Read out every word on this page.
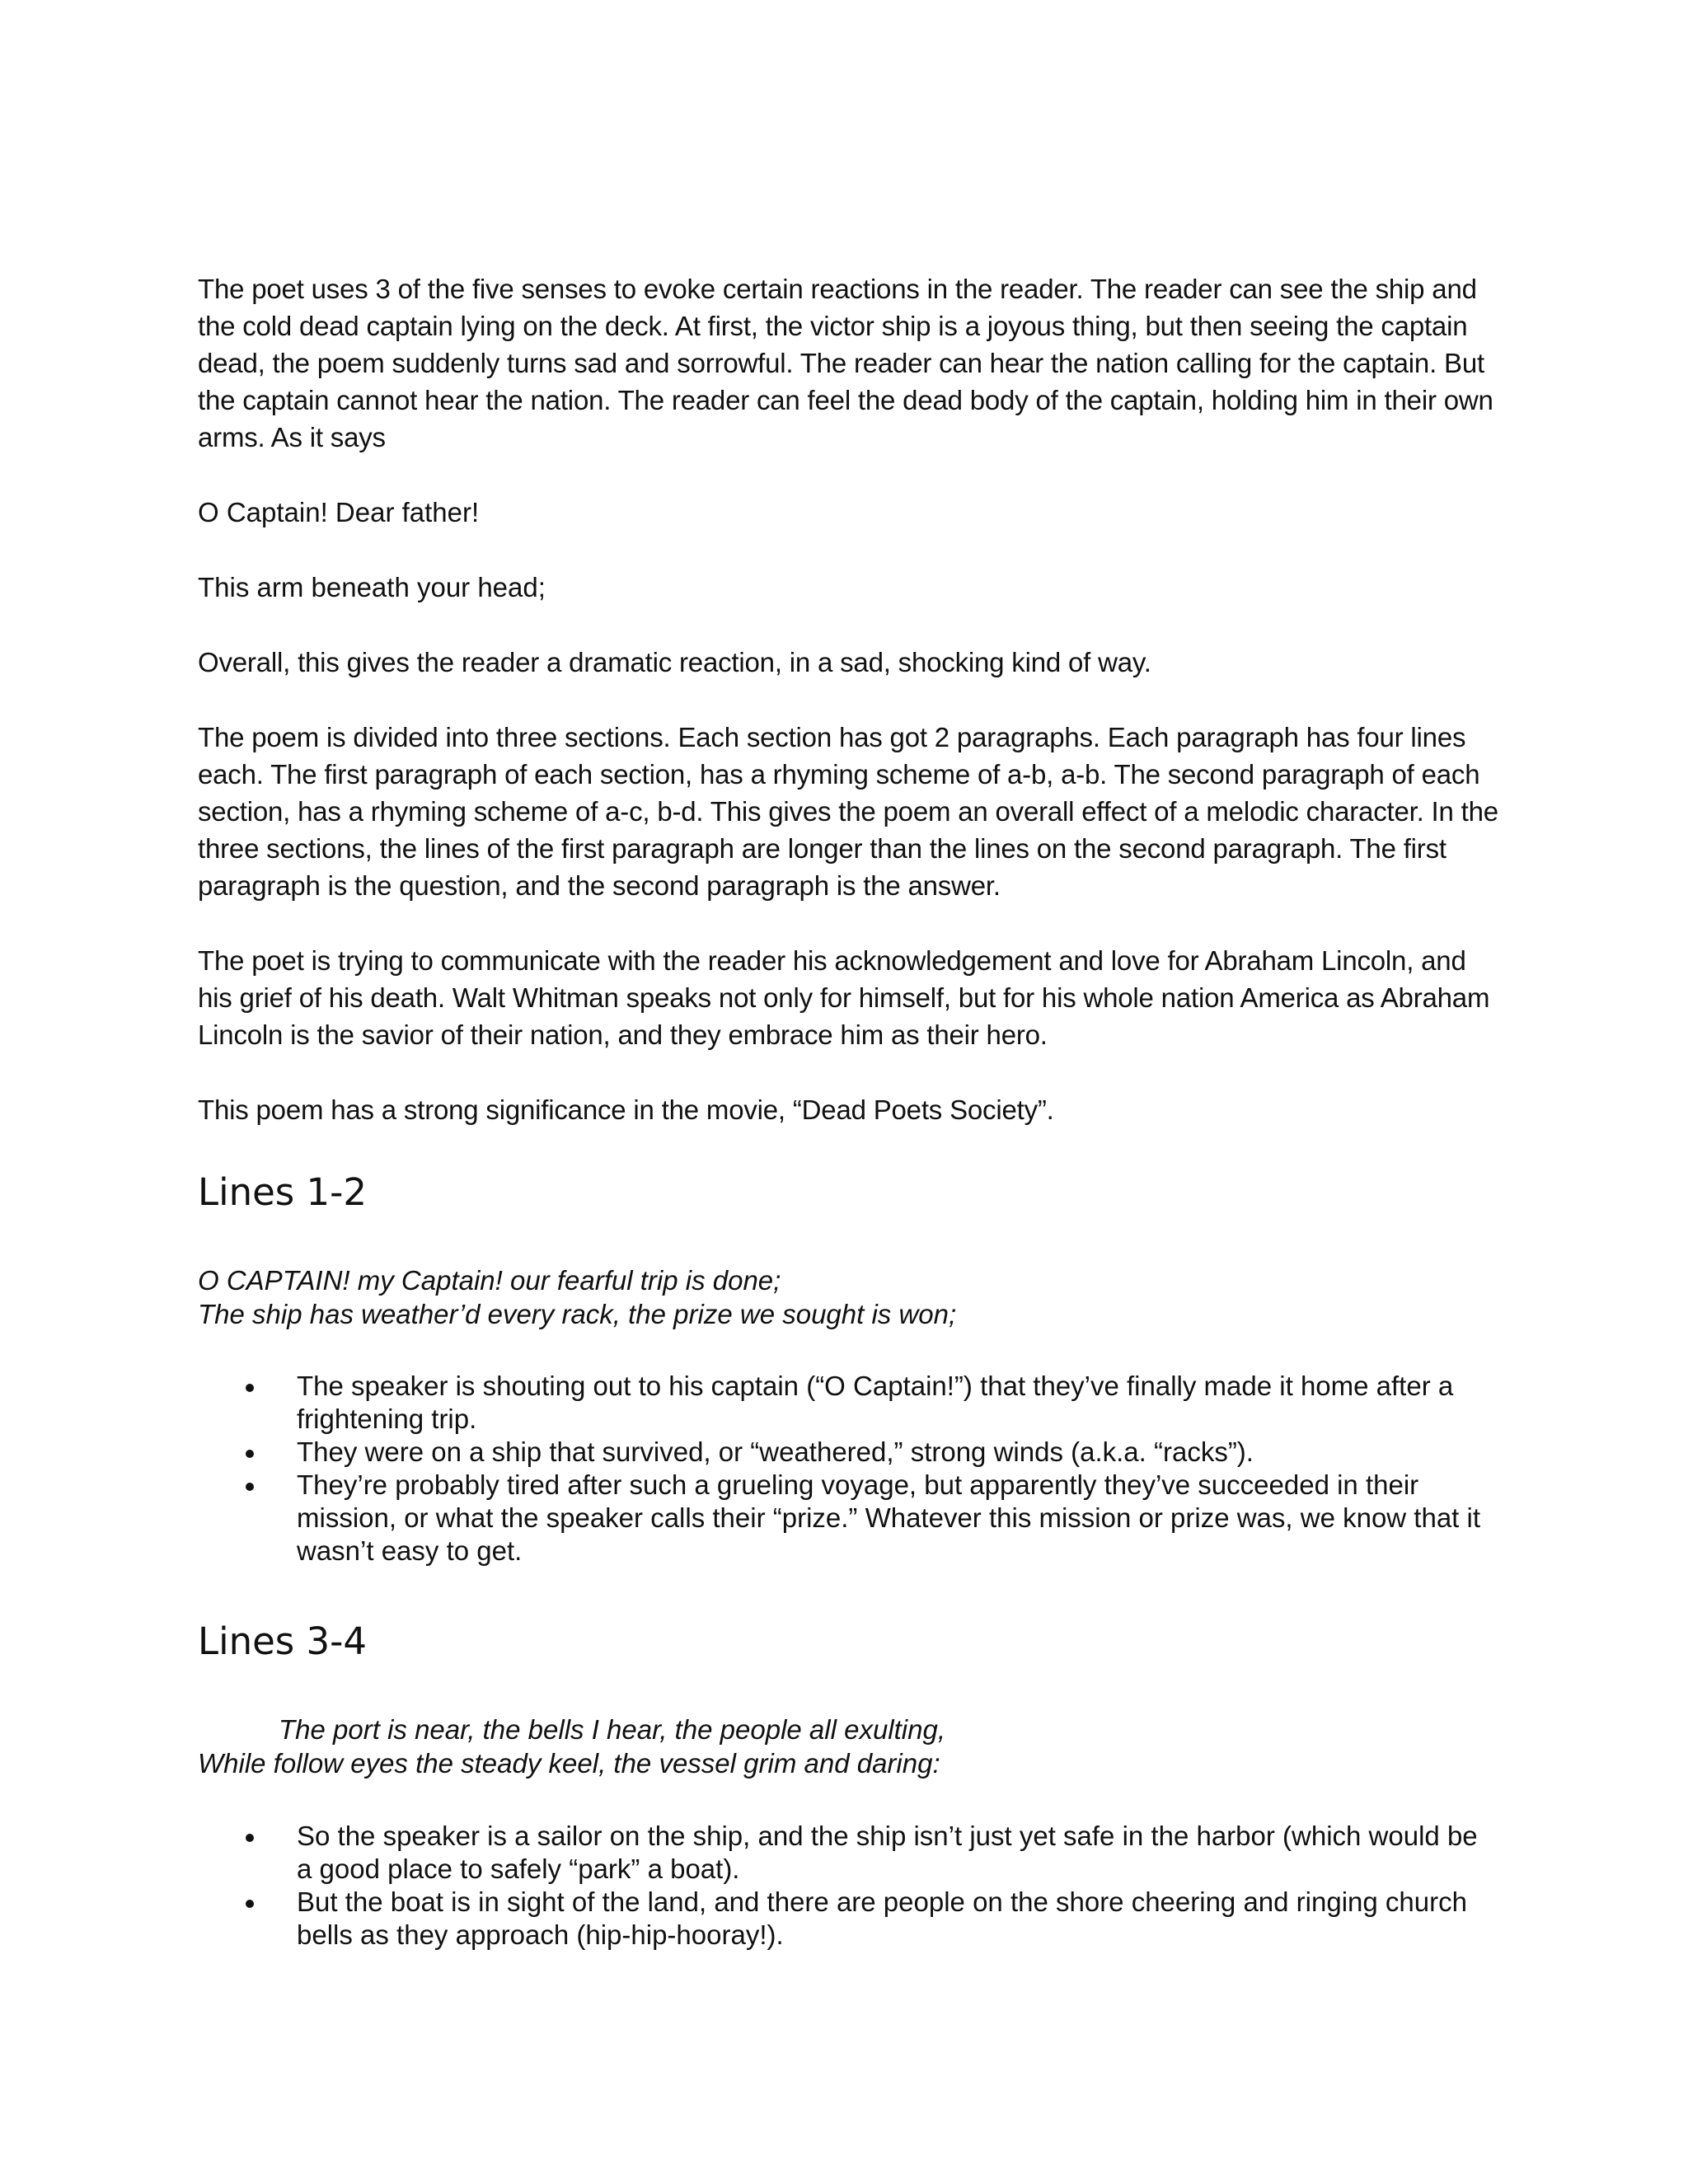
The poet uses 3 of the five senses to evoke certain reactions in the reader. The reader can see the ship and the cold dead captain lying on the deck. At first, the victor ship is a joyous thing, but then seeing the captain dead, the poem suddenly turns sad and sorrowful. The reader can hear the nation calling for the captain. But the captain cannot hear the nation. The reader can feel the dead body of the captain, holding him in their own arms. As it says

O Captain! Dear father!

This arm beneath your head;

Overall, this gives the reader a dramatic reaction, in a sad, shocking kind of way.

The poem is divided into three sections. Each section has got 2 paragraphs. Each paragraph has four lines each. The first paragraph of each section, has a rhyming scheme of a-b, a-b. The second paragraph of each section, has a rhyming scheme of a-c, b-d. This gives the poem an overall effect of a melodic character. In the three sections, the lines of the first paragraph are longer than the lines on the second paragraph. The first paragraph is the question, and the second paragraph is the answer.

The poet is trying to communicate with the reader his acknowledgement and love for Abraham Lincoln, and his grief of his death. Walt Whitman speaks not only for himself, but for his whole nation America as Abraham Lincoln is the savior of their nation, and they embrace him as their hero.

This poem has a strong significance in the movie, “Dead Poets Society”.

Lines 1-2
O CAPTAIN! my Captain! our fearful trip is done;
The ship has weather’d every rack, the prize we sought is won;
The speaker is shouting out to his captain (“O Captain!”) that they’ve finally made it home after a frightening trip.
They were on a ship that survived, or “weathered,” strong winds (a.k.a. “racks”).
They’re probably tired after such a grueling voyage, but apparently they’ve succeeded in their mission, or what the speaker calls their “prize.” Whatever this mission or prize was, we know that it wasn’t easy to get.
Lines 3-4
The port is near, the bells I hear, the people all exulting,
While follow eyes the steady keel, the vessel grim and daring:
So the speaker is a sailor on the ship, and the ship isn’t just yet safe in the harbor (which would be a good place to safely “park” a boat).
But the boat is in sight of the land, and there are people on the shore cheering and ringing church bells as they approach (hip-hip-hooray!).
